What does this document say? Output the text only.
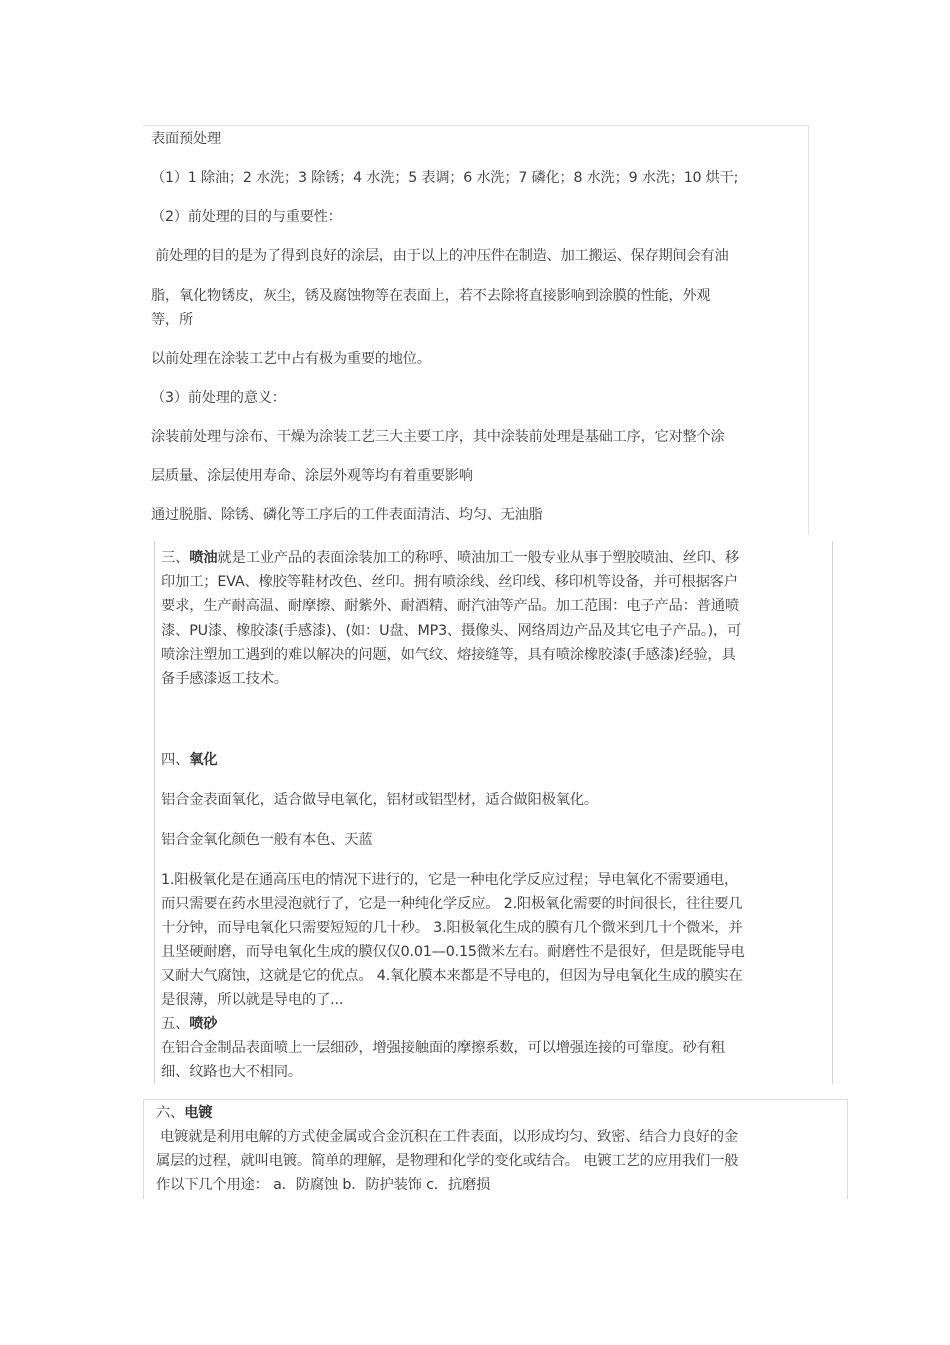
表面预处理
（1）1 除油；2 水洗；3 除锈；4 水洗；5 表调；6 水洗；7 磷化；8 水洗；9 水洗；10 烘干;
（2）前处理的目的与重要性：
前处理的目的是为了得到良好的涂层，由于以上的冲压件在制造、加工搬运、保存期间会有油
脂，氧化物锈皮，灰尘，锈及腐蚀物等在表面上，若不去除将直接影响到涂膜的性能，外观
等，所
以前处理在涂装工艺中占有极为重要的地位。
（3）前处理的意义：
涂装前处理与涂布、干燥为涂装工艺三大主要工序，其中涂装前处理是基础工序，它对整个涂
层质量、涂层使用寿命、涂层外观等均有着重要影响
通过脱脂、除锈、磷化等工序后的工件表面清洁、均匀、无油脂
三、喷油就是工业产品的表面涂装加工的称呼、喷油加工一般专业从事于塑胶喷油、丝印、移
印加工；EVA、橡胶等鞋材改色、丝印。拥有喷涂线、丝印线、移印机等设备，并可根据客户
要求，生产耐高温、耐摩擦、耐紫外、耐酒精、耐汽油等产品。加工范围：电子产品：普通喷
漆、PU漆、橡胶漆(手感漆)、(如：U盘、MP3、摄像头、网络周边产品及其它电子产品。)，可
喷涂注塑加工遇到的难以解决的问题，如气纹、熔接缝等，具有喷涂橡胶漆(手感漆)经验，具
备手感漆返工技术。
四、氧化
铝合金表面氧化，适合做导电氧化，铝材或铝型材，适合做阳极氧化。
铝合金氧化颜色一般有本色、天蓝
1.阳极氧化是在通高压电的情况下进行的，它是一种电化学反应过程；导电氧化不需要通电，
而只需要在药水里浸泡就行了，它是一种纯化学反应。 2.阳极氧化需要的时间很长，往往要几
十分钟，而导电氧化只需要短短的几十秒。 3.阳极氧化生成的膜有几个微米到几十个微米，并
且坚硬耐磨，而导电氧化生成的膜仅仅0.01—0.15微米左右。耐磨性不是很好，但是既能导电
又耐大气腐蚀，这就是它的优点。 4.氧化膜本来都是不导电的，但因为导电氧化生成的膜实在
是很薄，所以就是导电的了...
五、喷砂
在铝合金制品表面喷上一层细砂，增强接触面的摩擦系数，可以增强连接的可靠度。砂有粗
细、纹路也大不相同。
六、电镀
电镀就是利用电解的方式使金属或合金沉积在工件表面，以形成均匀、致密、结合力良好的金
属层的过程，就叫电镀。简单的理解，是物理和化学的变化或结合。 电镀工艺的应用我们一般
作以下几个用途： a．防腐蚀 b．防护装饰 c．抗磨损
